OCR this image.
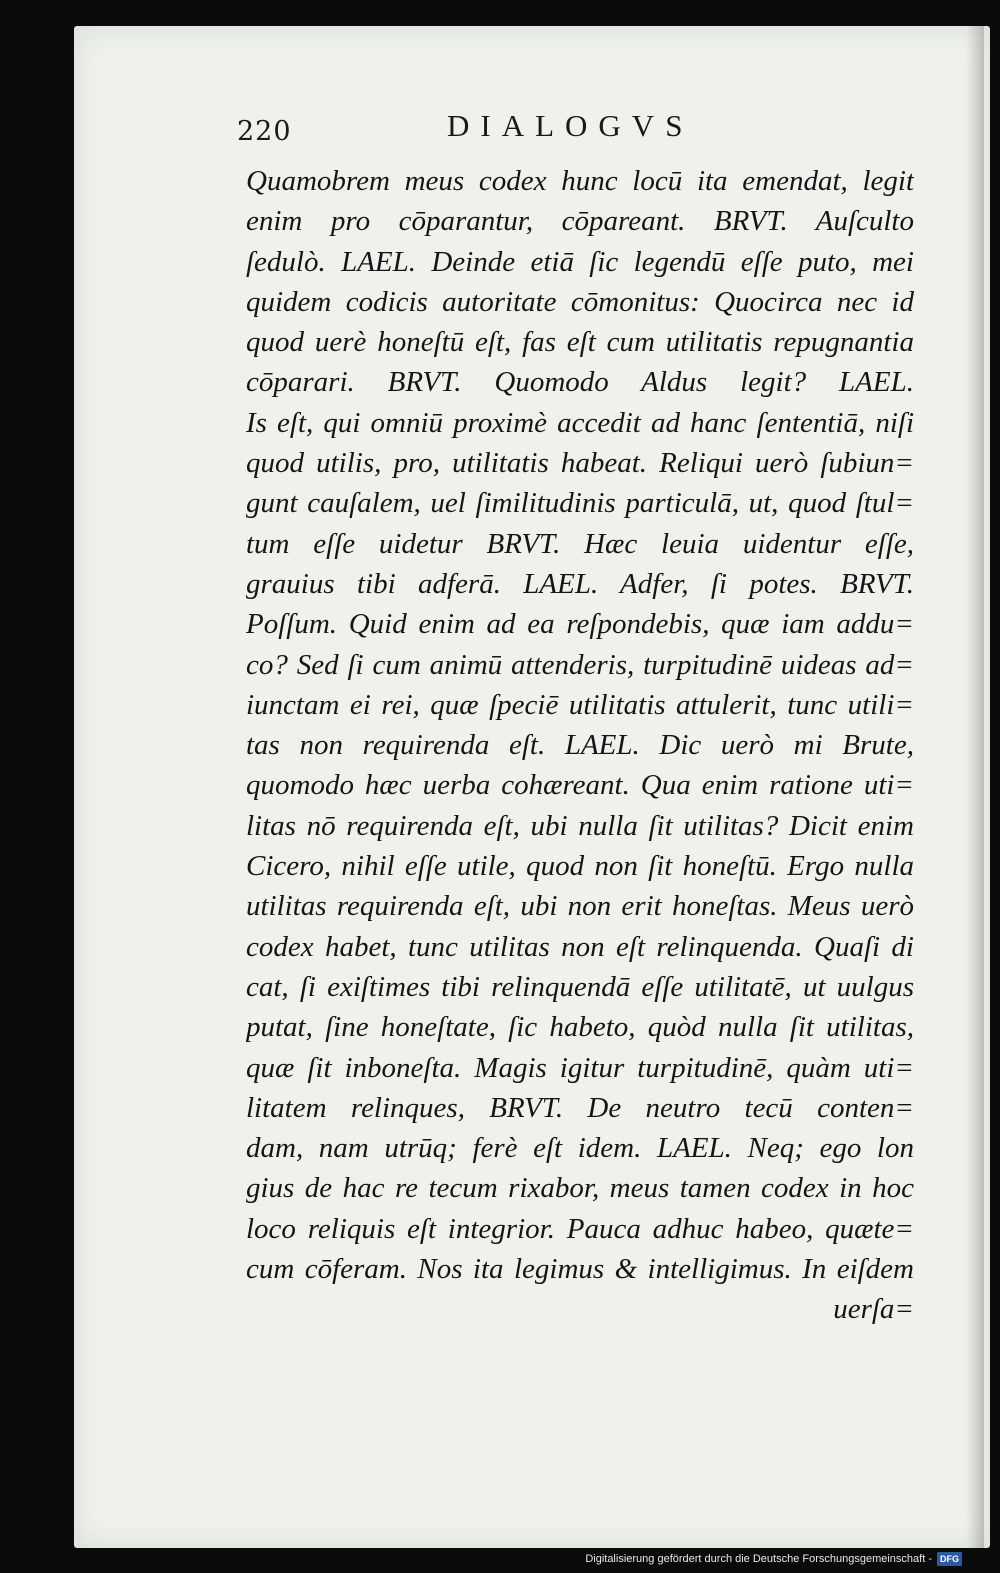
220	DIALOGVS
Quamobrem meus codex hunc locū ita emendat, legit
enim pro cōparantur, cōpareant. BRVT. Auſculto
ſedulò. LAEL. Deinde etiā ſic legendū eſſe puto, mei
quidem codicis autoritate cōmonitus: Quocirca nec id
quod uerè honeſtū eſt, fas eſt cum utilitatis repugnantia
cōparari. BRVT. Quomodo Aldus legit? LAEL.
Is eſt, qui omniū proximè accedit ad hanc ſententiā, niſi
quod utilis, pro, utilitatis habeat. Reliqui uerò ſubiun=
gunt cauſalem, uel ſimilitudinis particulā, ut, quod ſtul=
tum eſſe uidetur BRVT. Hæc leuia uidentur eſſe,
grauius tibi adferā. LAEL. Adfer, ſi potes. BRVT.
Poſſum. Quid enim ad ea reſpondebis, quæ iam addu=
co? Sed ſi cum animū attenderis, turpitudinē uideas ad=
iunctam ei rei, quæ ſpeciē utilitatis attulerit, tunc utili=
tas non requirenda eſt. LAEL. Dic uerò mi Brute,
quomodo hæc uerba cohæreant. Qua enim ratione uti=
litas nō requirenda eſt, ubi nulla ſit utilitas? Dicit enim
Cicero, nihil eſſe utile, quod non ſit honeſtū. Ergo nulla
utilitas requirenda eſt, ubi non erit honeſtas. Meus uerò
codex habet, tunc utilitas non eſt relinquenda. Quaſi di
cat, ſi exiſtimes tibi relinquendā eſſe utilitatē, ut uulgus
putat, ſine honeſtate, ſic habeto, quòd nulla ſit utilitas,
quæ ſit inboneſta. Magis igitur turpitudinē, quàm uti=
litatem relinques, BRVT. De neutro tecū conten=
dam, nam utrūq; ferè eſt idem. LAEL. Neq; ego lon
gius de hac re tecum rixabor, meus tamen codex in hoc
loco reliquis eſt integrior. Pauca adhuc habeo, quæte=
cum cōferam. Nos ita legimus & intelligimus. In eiſdem
uerſa=
Digitalisierung gefördert durch die Deutsche Forschungsgemeinschaft - DFG
